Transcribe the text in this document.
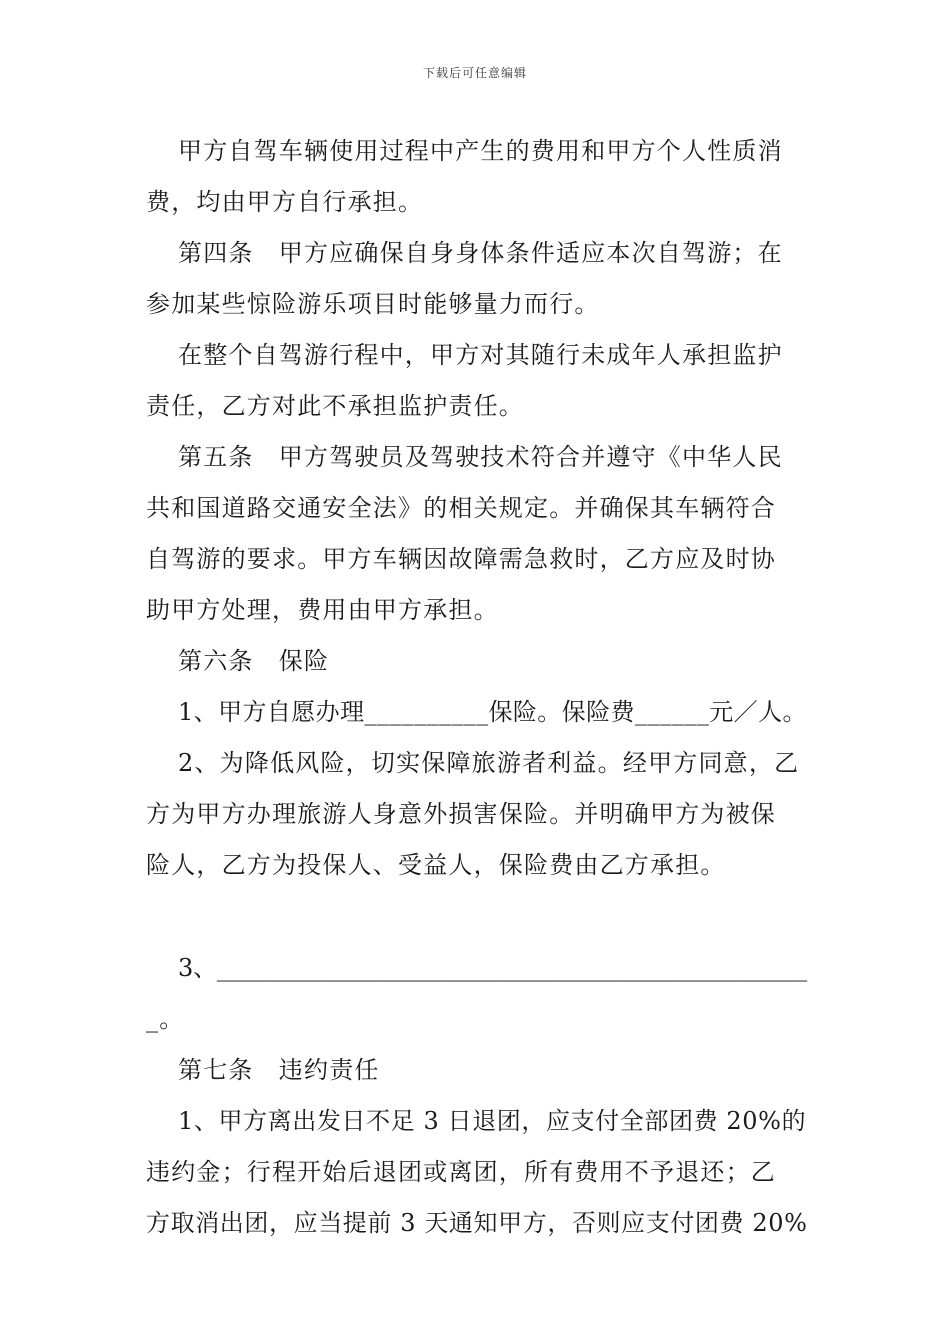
下载后可任意编辑
甲方自驾车辆使用过程中产生的费用和甲方个人性质消
费，均由甲方自行承担。
第四条　甲方应确保自身身体条件适应本次自驾游；在
参加某些惊险游乐项目时能够量力而行。
在整个自驾游行程中，甲方对其随行未成年人承担监护
责任，乙方对此不承担监护责任。
第五条　甲方驾驶员及驾驶技术符合并遵守《中华人民
共和国道路交通安全法》的相关规定。并确保其车辆符合
自驾游的要求。甲方车辆因故障需急救时，乙方应及时协
助甲方处理，费用由甲方承担。
第六条　保险
1、甲方自愿办理__________保险。保险费______元／人。
2、为降低风险，切实保障旅游者利益。经甲方同意，乙
方为甲方办理旅游人身意外损害保险。并明确甲方为被保
险人，乙方为投保人、受益人，保险费由乙方承担。
3、__________________________________________________
_。
第七条　违约责任
1、甲方离出发日不足 3 日退团，应支付全部团费 20%的
违约金；行程开始后退团或离团，所有费用不予退还；乙
方取消出团，应当提前 3 天通知甲方，否则应支付团费 20%
